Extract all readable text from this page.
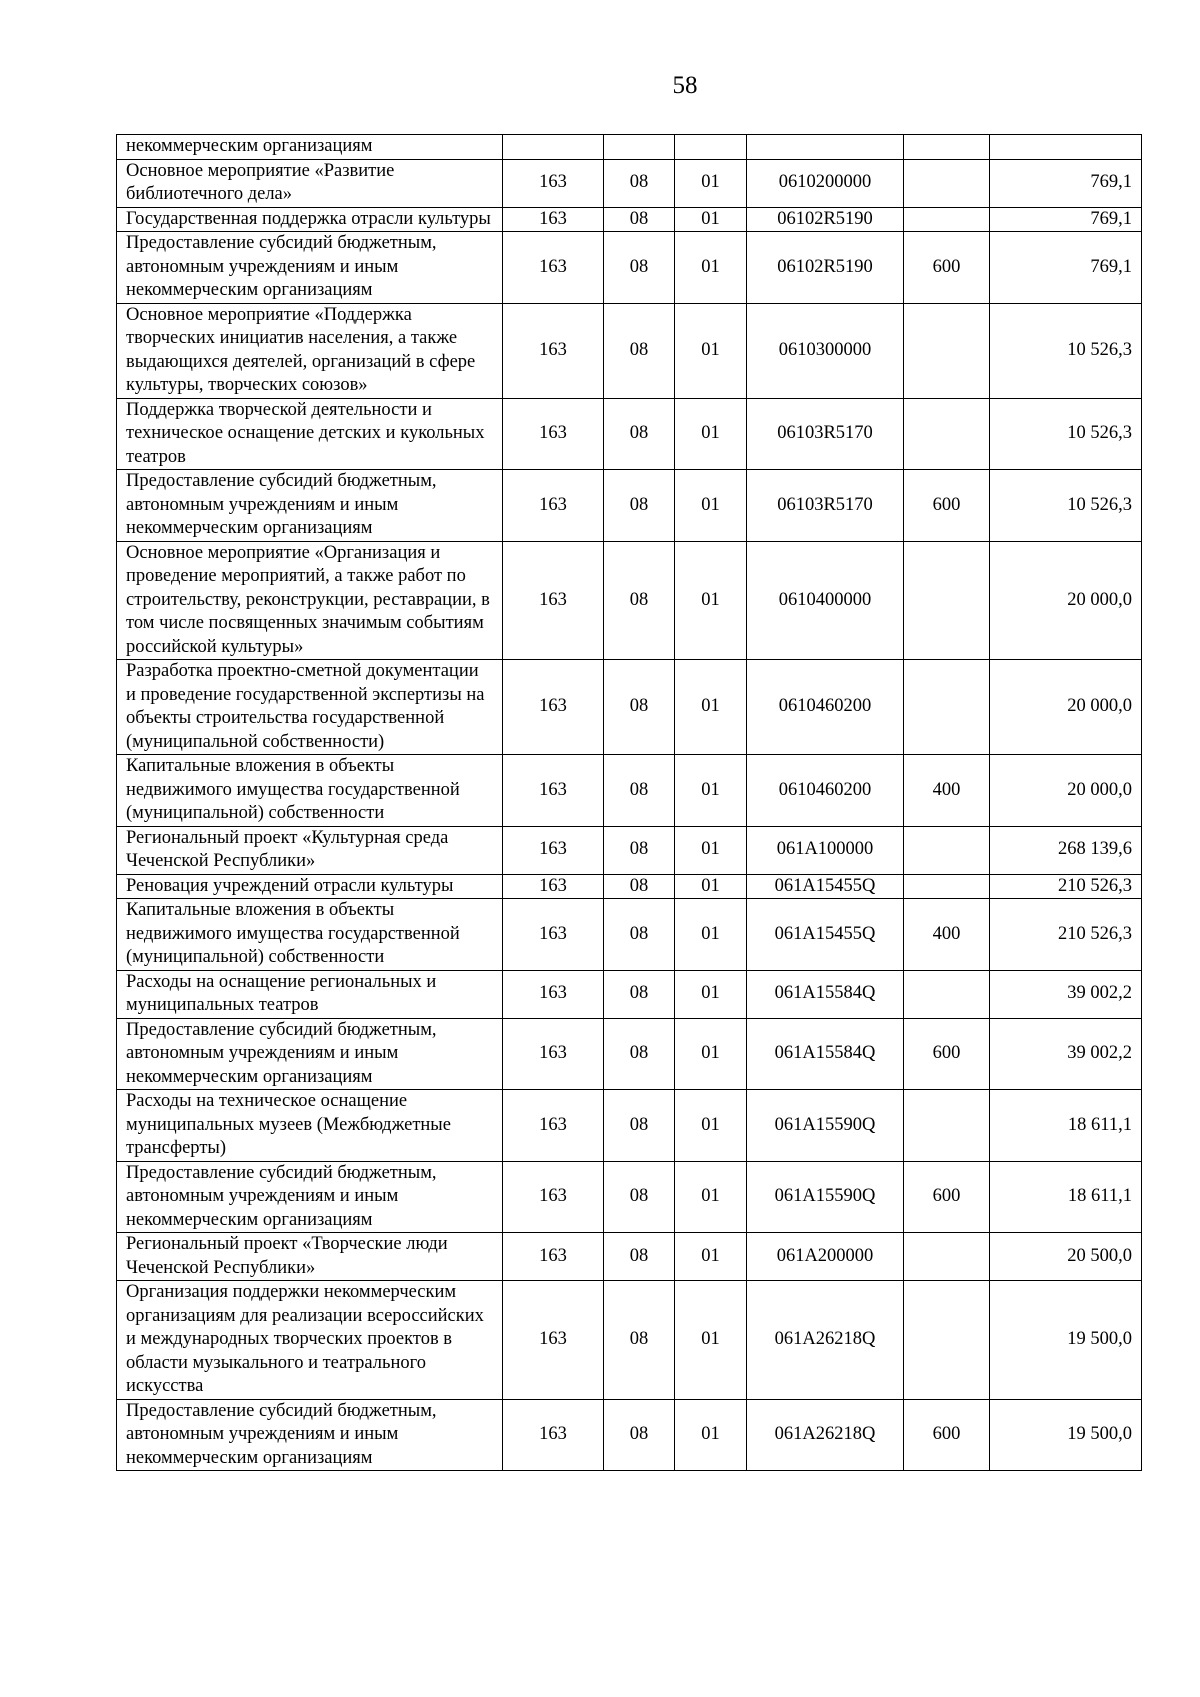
58
некоммерческим организациям						
Основное мероприятие «Развитие библиотечного дела»	163	08	01	0610200000		769,1
Государственная поддержка отрасли культуры	163	08	01	06102R5190		769,1
Предоставление субсидий бюджетным, автономным учреждениям и иным некоммерческим организациям	163	08	01	06102R5190	600	769,1
Основное мероприятие «Поддержка творческих инициатив населения, а также выдающихся деятелей, организаций в сфере культуры, творческих союзов»	163	08	01	0610300000		10 526,3
Поддержка творческой деятельности и техническое оснащение детских и кукольных театров	163	08	01	06103R5170		10 526,3
Предоставление субсидий бюджетным, автономным учреждениям и иным некоммерческим организациям	163	08	01	06103R5170	600	10 526,3
Основное мероприятие «Организация и проведение мероприятий, а также работ по строительству, реконструкции, реставрации, в том числе посвященных значимым событиям российской культуры»	163	08	01	0610400000		20 000,0
Разработка проектно-сметной документации и проведение государственной экспертизы на объекты строительства государственной (муниципальной собственности)	163	08	01	0610460200		20 000,0
Капитальные вложения в объекты недвижимого имущества государственной (муниципальной) собственности	163	08	01	0610460200	400	20 000,0
Региональный проект «Культурная среда Чеченской Республики»	163	08	01	061A100000		268 139,6
Реновация учреждений отрасли культуры	163	08	01	061A15455Q		210 526,3
Капитальные вложения в объекты недвижимого имущества государственной (муниципальной) собственности	163	08	01	061A15455Q	400	210 526,3
Расходы на оснащение региональных и муниципальных театров	163	08	01	061A15584Q		39 002,2
Предоставление субсидий бюджетным, автономным учреждениям и иным некоммерческим организациям	163	08	01	061A15584Q	600	39 002,2
Расходы на техническое оснащение муниципальных музеев (Межбюджетные трансферты)	163	08	01	061A15590Q		18 611,1
Предоставление субсидий бюджетным, автономным учреждениям и иным некоммерческим организациям	163	08	01	061A15590Q	600	18 611,1
Региональный проект «Творческие люди Чеченской Республики»	163	08	01	061A200000		20 500,0
Организация поддержки некоммерческим организациям для реализации всероссийских и международных творческих проектов в области музыкального и театрального искусства	163	08	01	061A26218Q		19 500,0
Предоставление субсидий бюджетным, автономным учреждениям и иным некоммерческим организациям	163	08	01	061A26218Q	600	19 500,0
